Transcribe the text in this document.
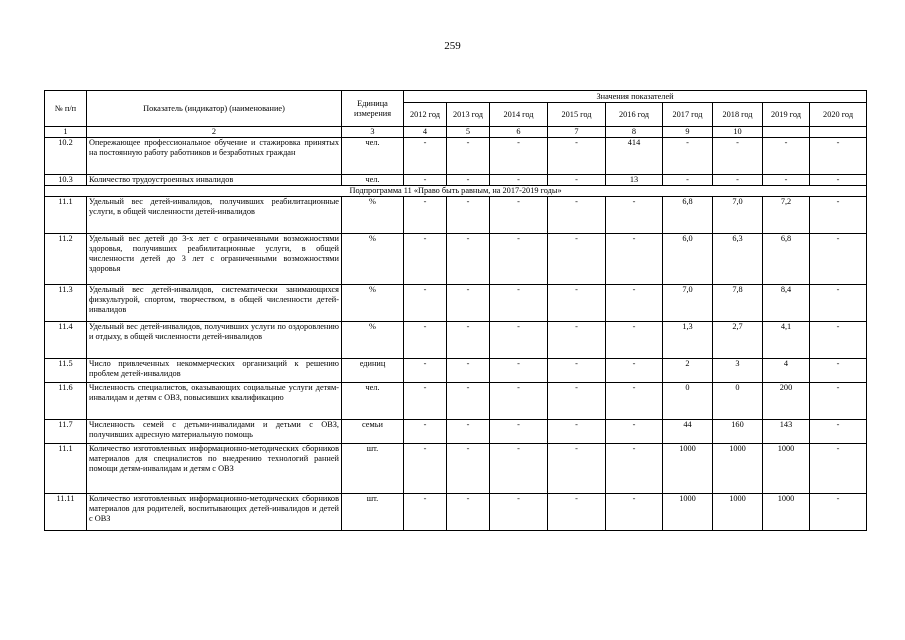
259
№ п/п	Показатель (индикатор) (наименование)	Единица измерения	Значения показателей								
			2012 год	2013 год	2014 год	2015 год	2016 год	2017 год	2018 год	2019 год	2020 год
1	2	3	4	5	6	7	8	9	10		
10.2	Опережающее профессиональное обучение и стажировка принятых на постоянную работу работников и безработных граждан	чел.	-	-	-	-	414	-	-	-	-
10.3	Количество трудоустроенных инвалидов	чел.	-	-	-	-	13	-	-	-	-
Подпрограмма 11 «Право быть равным, на 2017-2019 годы»											
11.1	Удельный вес детей-инвалидов, получивших реабилитационные услуги, в общей численности детей-инвалидов	%	-	-	-	-	-	6,8	7,0	7,2	-
11.2	Удельный вес детей до 3-х лет с ограниченными возможностями здоровья, получивших реабилитационные услуги, в общей численности детей до 3 лет с ограниченными возможностями здоровья	%	-	-	-	-	-	6,0	6,3	6,8	-
11.3	Удельный вес детей-инвалидов, систематически занимающихся физкультурой, спортом, творчеством, в общей численности детей-инвалидов	%	-	-	-	-	-	7,0	7,8	8,4	-
11.4	Удельный вес детей-инвалидов, получивших услуги по оздоровлению и отдыху, в общей численности детей-инвалидов	%	-	-	-	-	-	1,3	2,7	4,1	-
11.5	Число привлеченных некоммерческих организаций к решению проблем детей-инвалидов	единиц	-	-	-	-	-	2	3	4	-
11.6	Численность специалистов, оказывающих социальные услуги детям-инвалидам и детям с ОВЗ, повысивших квалификацию	чел.	-	-	-	-	-	0	0	200	-
11.7	Численность семей с детьми-инвалидами и детьми с ОВЗ, получивших адресную материальную помощь	семьи	-	-	-	-	-	44	160	143	-
11.1	Количество изготовленных информационно-методических сборников материалов для специалистов по внедрению технологий ранней помощи детям-инвалидам и детям с ОВЗ	шт.	-	-	-	-	-	1000	1000	1000	-
11.11	Количество изготовленных информационно-методических сборников материалов для родителей, воспитывающих детей-инвалидов и детей с ОВЗ	шт.	-	-	-	-	-	1000	1000	1000	-
